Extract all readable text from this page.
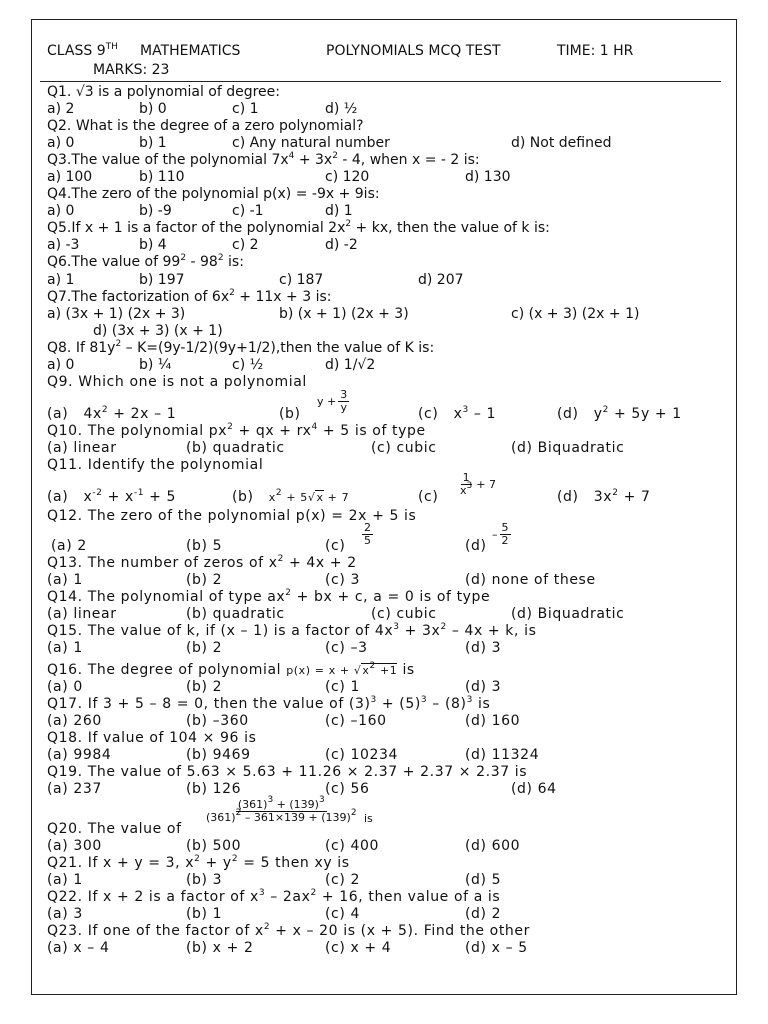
CLASS 9TH MATHEMATICS	POLYNOMIALS MCQ TEST	TIME: 1 HR
MARKS: 23
Q1. √3 is a polynomial of degree:
a) 2	b) 0	c) 1	d) ½
Q2. What is the degree of a zero polynomial?
a) 0	b) 1	c) Any natural number	d) Not defined
Q3.The value of the polynomial $7x^4 + 3x^2 - 4$, when x = - 2 is:
a) 100	b) 110	c) 120	d) 130
Q4.The zero of the polynomial p(x) = -9x + 9is:
a) 0	b) -9	c) -1	d) 1
Q5.If x + 1 is a factor of the polynomial $2x^2$ + kx, then the value of k is:
a) -3	b) 4	c) 2	d) -2
Q6.The value of $99^2 - 98^2$ is:
a) 1	b) 197	c) 187	d) 207
Q7.The factorization of $6x^2 + 11x + 3$ is:
a) (3x + 1) (2x + 3)	b) (x + 1) (2x + 3)	c) (x + 3) (2x + 1)
d) (3x + 3) (x + 1)
Q8. If $81y^2$ – K=(9y-1/2)(9y+1/2),then the value of K is:
a) 0	b) ¼	c) ½	d) 1/√2
Q9. Which one is not a polynomial
(a) $4x^2 + 2x - 1$	(b)
$y + \frac{3}{y}$
(c) $x^3 - 1$	(d) $y^2 + 5y + 1$
Q10. The polynomial $px^2$ + qx + $rx^4 + 5$ is of type
(a) linear	(b) quadratic	(c) cubic	(d) Biquadratic
Q11. Identify the polynomial
(a) $x^{-2} + x^{-1} + 5$	(b) $x^2 + 5√x + 7$	(c)
$\frac{1}{x^3} + 7$
(d) $3x^2 + 7$
Q12. The zero of the polynomial p(x) = 2x + 5 is
(a) 2	(b) 5	$(c) \frac{2}{5}$	(d)
– $\frac{5}{2}$
Q13. The number of zeros of $x^2 + 4x + 2$
(a) 1	(b) 2	(c) 3	(d) none of these
Q14. The polynomial of type $ax^2$ + bx + c, a = 0 is of type
(a) linear	(b) quadratic	(c) cubic	(d) Biquadratic
Q15. The value of k, if (x – 1) is a factor of $4x^3 + 3x^2 - 4x + k$, is
(a) 1	(b) 2	(c) –3	(d) 3
Q16. The degree of polynomial $p(x) = x + √x^2 +1$ is
(a) 0	(b) 2	(c) 1	(d) 3
Q17. If 3 + 5 – 8 = 0, then the value of $(3)^3 + (5)^3 - (8)^3$ is
(a) 260	(b) –360	(c) –160	(d) 160
Q18. If value of 104 × 96 is
(a) 9984	(b) 9469	(c) 10234	(d) 11324
Q19. The value of 5.63 × 5.63 + 11.26 × 2.37 + 2.37 × 2.37 is
(a) 237	(b) 126	(c) 56	(d) 64
Q20. The value of
$\frac{(361)^3 + (139)^3}{(361)^2 - 361\times 139 + (139)^2}$ is
(a) 300	(b) 500	(c) 400	(d) 600
Q21. If x + y = 3, $x^2 + y^2 = 5$ then xy is
(a) 1	(b) 3	(c) 2	(d) 5
Q22. If x + 2 is a factor of $x^3 - 2ax^2 + 16$, then value of a is
(a) 3	(b) 1	(c) 4	(d) 2
Q23. If one of the factor of $x^2 + x - 20$ is (x + 5). Find the other
(a) x – 4	(b) x + 2	(c) x + 4	(d) x – 5
